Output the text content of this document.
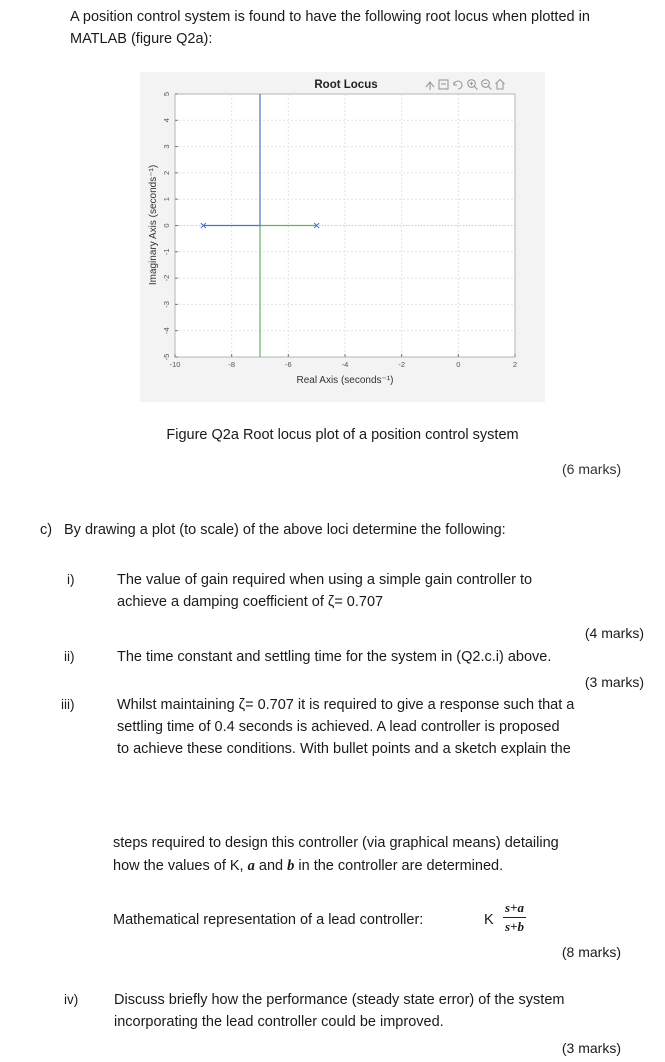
A position control system is found to have the following root locus when plotted in
MATLAB (figure Q2a):
-10	-8	-6	-4	-2	0	2
5
4
3
2
1
0
-1
-2
-3
-4
-5
Root Locus
Real Axis (seconds⁻¹)
Imaginary Axis (seconds⁻¹)
Figure Q2a Root locus plot of a position control system
(6 marks)
c) By drawing a plot (to scale) of the above loci determine the following:
i)	The value of gain required when using a simple gain controller to
achieve a damping coefficient of ζ= 0.707
(4 marks)
ii)	The time constant and settling time for the system in (Q2.c.i) above.
(3 marks)
iii)	Whilst maintaining ζ= 0.707 it is required to give a response such that a
settling time of 0.4 seconds is achieved. A lead controller is proposed
to achieve these conditions. With bullet points and a sketch explain the
steps required to design this controller (via graphical means) detailing
how the values of K, a and b in the controller are determined.
Mathematical representation of a lead controller:	K $\frac{s+a}{s+b}$
(8 marks)
iv) Discuss briefly how the performance (steady state error) of the system
incorporating the lead controller could be improved.
(3 marks)
